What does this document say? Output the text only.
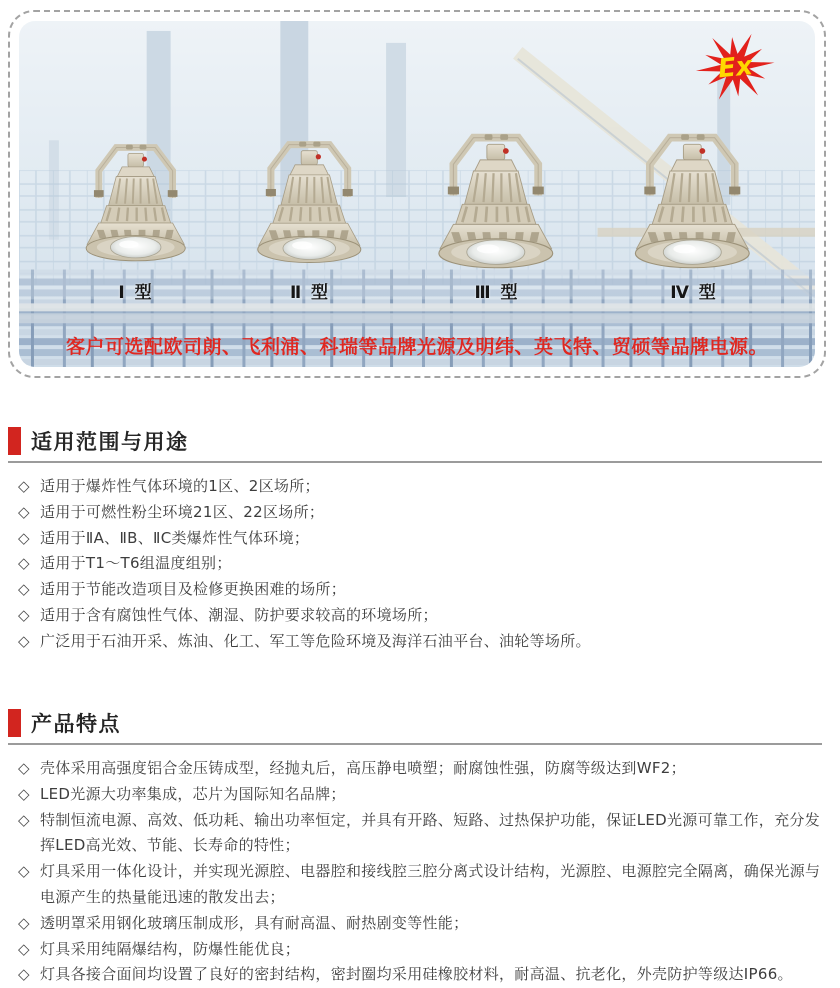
Ex
Ⅰ 型	Ⅱ 型	Ⅲ 型	Ⅳ 型
客户可选配欧司朗、飞利浦、科瑞等品牌光源及明纬、英飞特、贸硕等品牌电源。
适用范围与用途
◇ 适用于爆炸性气体环境的1区、2区场所；
◇ 适用于可燃性粉尘环境21区、22区场所；
◇ 适用于ⅡA、ⅡB、ⅡC类爆炸性气体环境；
◇ 适用于T1～T6组温度组别；
◇ 适用于节能改造项目及检修更换困难的场所；
◇ 适用于含有腐蚀性气体、潮湿、防护要求较高的环境场所；
◇ 广泛用于石油开采、炼油、化工、军工等危险环境及海洋石油平台、油轮等场所。
产品特点
◇ 壳体采用高强度铝合金压铸成型，经抛丸后，高压静电喷塑；耐腐蚀性强，防腐等级达到WF2；
◇ LED光源大功率集成，芯片为国际知名品牌；
◇ 特制恒流电源、高效、低功耗、输出功率恒定，并具有开路、短路、过热保护功能，保证LED光源可靠工作，充分发挥LED高光效、节能、长寿命的特性；
◇ 灯具采用一体化设计，并实现光源腔、电器腔和接线腔三腔分离式设计结构，光源腔、电源腔完全隔离，确保光源与电源产生的热量能迅速的散发出去；
◇ 透明罩采用钢化玻璃压制成形，具有耐高温、耐热剧变等性能；
◇ 灯具采用纯隔爆结构，防爆性能优良；
◇ 灯具各接合面间均设置了良好的密封结构，密封圈均采用硅橡胶材料，耐高温、抗老化，外壳防护等级达IP66。
